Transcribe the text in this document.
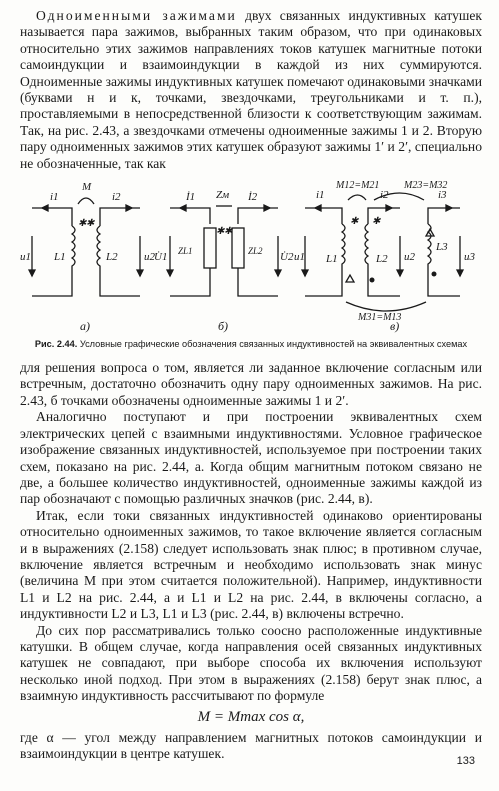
Одноименными зажимами двух связанных индуктивных катушек называется пара зажимов, выбранных таким образом, что при одинаковых относительно этих зажимов направлениях токов катушек магнитные потоки самоиндукции и взаимоиндукции в каждой из них суммируются. Одноименные зажимы индуктивных катушек помечают одинаковыми значками (буквами н и к, точками, звездочками, треугольниками и т. п.), проставляемыми в непосредственной близости к соответствующим зажимам. Так, на рис. 2.43, а звездочками отмечены одноименные зажимы 1 и 2. Вторую пару одноименных зажимов этих катушек образуют зажимы 1′ и 2′, специально не обозначенные, так как

✱ ✱
✱ ✱
✱ ✱
i1	i2
M
u1	u2
L1	L2
а)
İ1	İ2
Zм
U̇1	U̇2
ZL1	ZL2
б)
i1	i2	i3
M12=M21 M23=M32
M31=M13
u1	u2	u3
L1	L2
L3
в)
Рис. 2.44. Условные графические обозначения связанных индуктивностей на эквивалентных схемах

для решения вопроса о том, является ли заданное включение согласным или встречным, достаточно обозначить одну пару одноименных зажимов. На рис. 2.43, б точками обозначены одноименные зажимы 1 и 2′.

Аналогично поступают и при построении эквивалентных схем электрических цепей с взаимными индуктивностями. Условное графическое изображение связанных индуктивностей, используемое при построении таких схем, показано на рис. 2.44, а. Когда общим магнитным потоком связано не две, а большее количество индуктивностей, одноименные зажимы каждой из пар обозначают с помощью различных значков (рис. 2.44, в).

Итак, если токи связанных индуктивностей одинаково ориентированы относительно одноименных зажимов, то такое включение является согласным и в выражениях (2.158) следует использовать знак плюс; в противном случае, включение является встречным и необходимо использовать знак минус (величина M при этом считается положительной). Например, индуктивности L1 и L2 на рис. 2.44, а и L1 и L2 на рис. 2.44, в включены согласно, а индуктивности L2 и L3, L1 и L3 (рис. 2.44, в) включены встречно.

До сих пор рассматривались только соосно расположенные индуктивные катушки. В общем случае, когда направления осей связанных индуктивных катушек не совпадают, при выборе способа их включения используют несколько иной подход. При этом в выражениях (2.158) берут знак плюс, а взаимную индуктивность рассчитывают по формуле

M = Mmax cos α,

где α — угол между направлением магнитных потоков самоиндукции и взаимоиндукции в центре катушек.	133
